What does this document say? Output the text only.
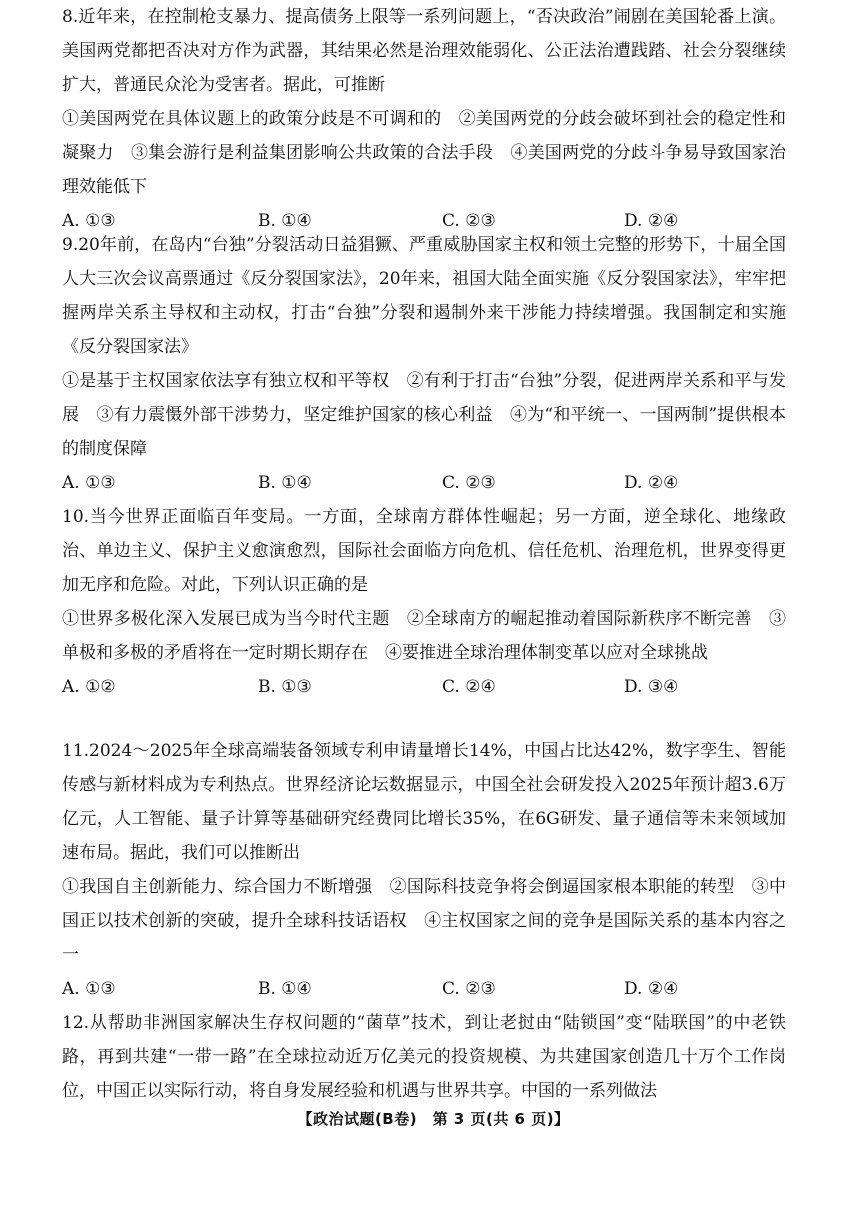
8.近年来，在控制枪支暴力、提高债务上限等一系列问题上，“否决政治”闹剧在美国轮番上演。美国两党都把否决对方作为武器，其结果必然是治理效能弱化、公正法治遭践踏、社会分裂继续扩大，普通民众沦为受害者。据此，可推断

①美国两党在具体议题上的政策分歧是不可调和的　②美国两党的分歧会破坏到社会的稳定性和凝聚力　③集会游行是利益集团影响公共政策的合法手段　④美国两党的分歧斗争易导致国家治理效能低下

A. ①③	B. ①④	C. ②③	D. ②④

9.20年前，在岛内“台独”分裂活动日益猖獗、严重威胁国家主权和领土完整的形势下，十届全国人大三次会议高票通过《反分裂国家法》，20年来，祖国大陆全面实施《反分裂国家法》，牢牢把握两岸关系主导权和主动权，打击“台独”分裂和遏制外来干涉能力持续增强。我国制定和实施《反分裂国家法》

①是基于主权国家依法享有独立权和平等权　②有利于打击“台独”分裂，促进两岸关系和平与发展　③有力震慑外部干涉势力，坚定维护国家的核心利益　④为“和平统一、一国两制”提供根本的制度保障

A. ①③	B. ①④	C. ②③	D. ②④

10.当今世界正面临百年变局。一方面，全球南方群体性崛起；另一方面，逆全球化、地缘政治、单边主义、保护主义愈演愈烈，国际社会面临方向危机、信任危机、治理危机，世界变得更加无序和危险。对此，下列认识正确的是

①世界多极化深入发展已成为当今时代主题　②全球南方的崛起推动着国际新秩序不断完善　③单极和多极的矛盾将在一定时期长期存在　④要推进全球治理体制变革以应对全球挑战

A. ①②	B. ①③	C. ②④	D. ③④

11.2024～2025年全球高端装备领域专利申请量增长14%，中国占比达42%，数字孪生、智能传感与新材料成为专利热点。世界经济论坛数据显示，中国全社会研发投入2025年预计超3.6万亿元，人工智能、量子计算等基础研究经费同比增长35%，在6G研发、量子通信等未来领域加速布局。据此，我们可以推断出

①我国自主创新能力、综合国力不断增强　②国际科技竞争将会倒逼国家根本职能的转型　③中国正以技术创新的突破，提升全球科技话语权　④主权国家之间的竞争是国际关系的基本内容之一

A. ①③	B. ①④	C. ②③	D. ②④

12.从帮助非洲国家解决生存权问题的“菌草”技术，到让老挝由“陆锁国”变“陆联国”的中老铁路，再到共建“一带一路”在全球拉动近万亿美元的投资规模、为共建国家创造几十万个工作岗位，中国正以实际行动，将自身发展经验和机遇与世界共享。中国的一系列做法

【政治试题(B卷)　第 3 页(共 6 页)】
